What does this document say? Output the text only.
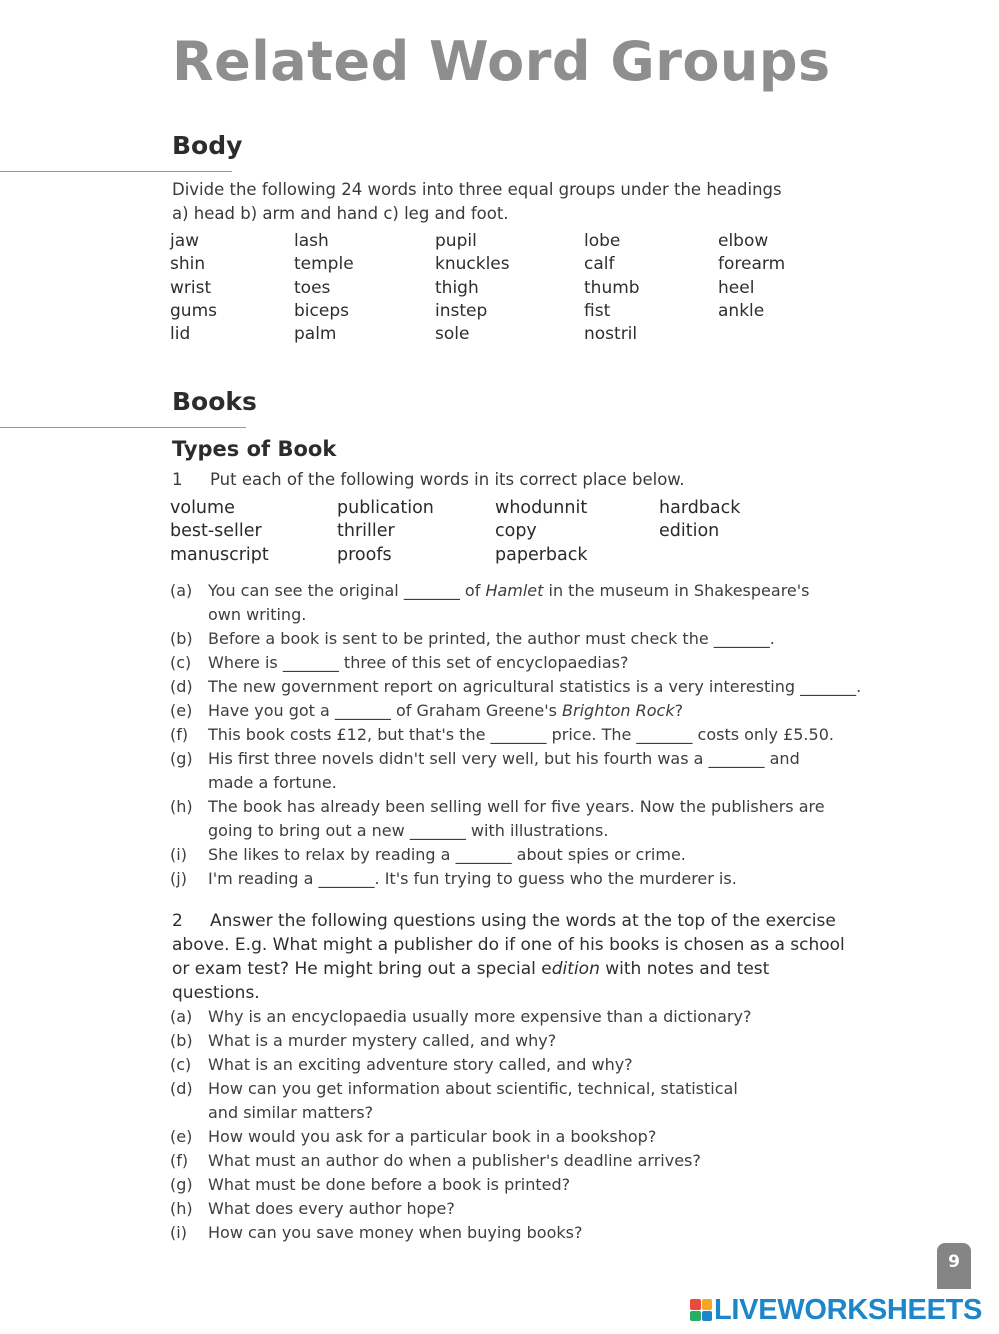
Related Word Groups
Body
Divide the following 24 words into three equal groups under the headings
a) head b) arm and hand c) leg and foot.
jaw
shin
wrist
gums
lid
lash
temple
toes
biceps
palm
pupil
knuckles
thigh
instep
sole
lobe
calf
thumb
fist
nostril
elbow
forearm
heel
ankle
Books
Types of Book
1 Put each of the following words in its correct place below.
volume
best-seller
manuscript
publication
thriller
proofs
whodunnit
copy
paperback
hardback
edition
(a) You can see the original _______ of Hamlet in the museum in Shakespeare's
own writing.
(b) Before a book is sent to be printed, the author must check the _______.
(c) Where is _______ three of this set of encyclopaedias?
(d) The new government report on agricultural statistics is a very interesting _______.
(e) Have you got a _______ of Graham Greene's Brighton Rock?
(f) This book costs £12, but that's the _______ price. The _______ costs only £5.50.
(g) His first three novels didn't sell very well, but his fourth was a _______ and
made a fortune.
(h) The book has already been selling well for five years. Now the publishers are
going to bring out a new _______ with illustrations.
(i) She likes to relax by reading a _______ about spies or crime.
(j) I'm reading a _______. It's fun trying to guess who the murderer is.
2 Answer the following questions using the words at the top of the exercise
above. E.g. What might a publisher do if one of his books is chosen as a school
or exam test? He might bring out a special edition with notes and test
questions.
(a) Why is an encyclopaedia usually more expensive than a dictionary?
(b) What is a murder mystery called, and why?
(c) What is an exciting adventure story called, and why?
(d) How can you get information about scientific, technical, statistical
and similar matters?
(e) How would you ask for a particular book in a bookshop?
(f) What must an author do when a publisher's deadline arrives?
(g) What must be done before a book is printed?
(h) What does every author hope?
(i) How can you save money when buying books?
9
LIVEWORKSHEETS
